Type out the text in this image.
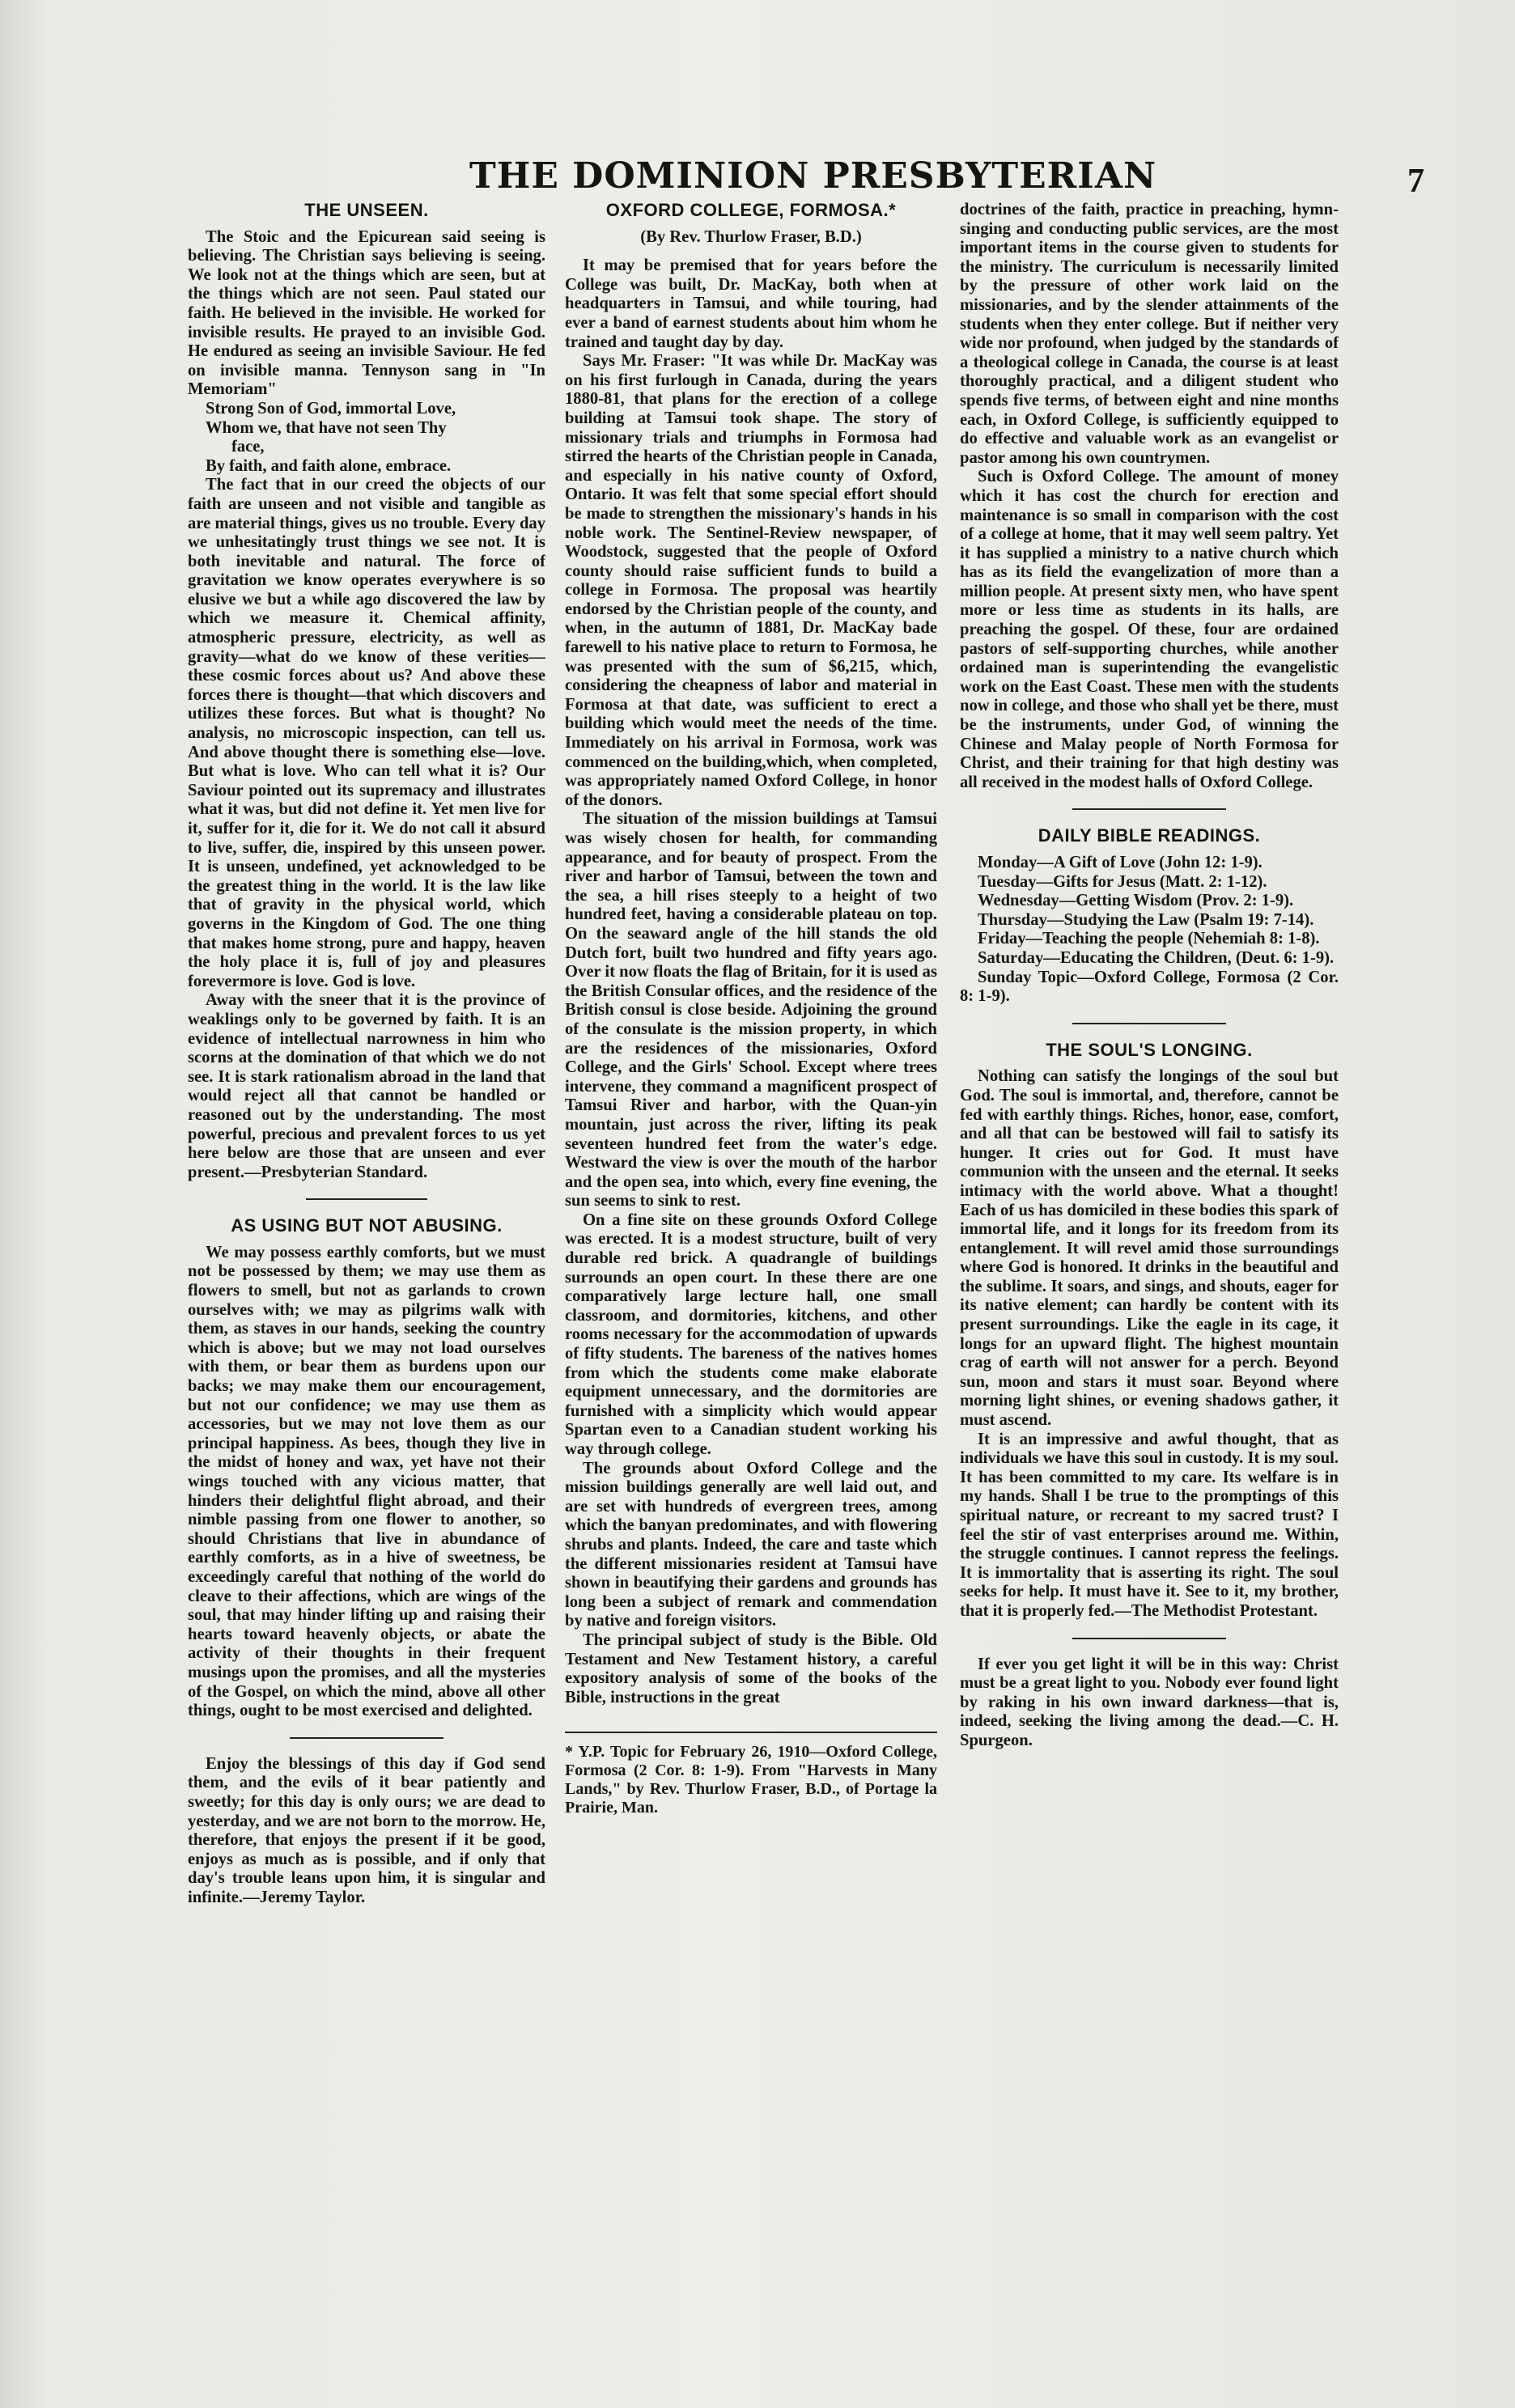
THE DOMINION PRESBYTERIAN	7
THE UNSEEN.

The Stoic and the Epicurean said seeing is believing. The Christian says believing is seeing. We look not at the things which are seen, but at the things which are not seen. Paul stated our faith. He believed in the invisible. He worked for invisible results. He prayed to an invisible God. He endured as seeing an invisible Saviour. He fed on invisible manna. Tennyson sang in "In Memoriam"

Strong Son of God, immortal Love,

Whom we, that have not seen Thy

face,

By faith, and faith alone, embrace.

The fact that in our creed the objects of our faith are unseen and not visible and tangible as are material things, gives us no trouble. Every day we unhesitatingly trust things we see not. It is both inevitable and natural. The force of gravitation we know operates everywhere is so elusive we but a while ago discovered the law by which we measure it. Chemical affinity, atmospheric pressure, electricity, as well as gravity—what do we know of these verities—these cosmic forces about us? And above these forces there is thought—that which discovers and utilizes these forces. But what is thought? No analysis, no microscopic inspection, can tell us. And above thought there is something else—love. But what is love. Who can tell what it is? Our Saviour pointed out its supremacy and illustrates what it was, but did not define it. Yet men live for it, suffer for it, die for it. We do not call it absurd to live, suffer, die, inspired by this unseen power. It is unseen, undefined, yet acknowledged to be the greatest thing in the world. It is the law like that of gravity in the physical world, which governs in the Kingdom of God. The one thing that makes home strong, pure and happy, heaven the holy place it is, full of joy and pleasures forevermore is love. God is love.

Away with the sneer that it is the province of weaklings only to be governed by faith. It is an evidence of intellectual narrowness in him who scorns at the domination of that which we do not see. It is stark rationalism abroad in the land that would reject all that cannot be handled or reasoned out by the understanding. The most powerful, precious and prevalent forces to us yet here below are those that are unseen and ever present.—Presbyterian Standard.

AS USING BUT NOT ABUSING.

We may possess earthly comforts, but we must not be possessed by them; we may use them as flowers to smell, but not as garlands to crown ourselves with; we may as pilgrims walk with them, as staves in our hands, seeking the country which is above; but we may not load ourselves with them, or bear them as burdens upon our backs; we may make them our encouragement, but not our confidence; we may use them as accessories, but we may not love them as our principal happiness. As bees, though they live in the midst of honey and wax, yet have not their wings touched with any vicious matter, that hinders their delightful flight abroad, and their nimble passing from one flower to another, so should Christians that live in abundance of earthly comforts, as in a hive of sweetness, be exceedingly careful that nothing of the world do cleave to their affections, which are wings of the soul, that may hinder lifting up and raising their hearts toward heavenly objects, or abate the activity of their thoughts in their frequent musings upon the promises, and all the mysteries of the Gospel, on which the mind, above all other things, ought to be most exercised and delighted.

Enjoy the blessings of this day if God send them, and the evils of it bear patiently and sweetly; for this day is only ours; we are dead to yesterday, and we are not born to the morrow. He, therefore, that enjoys the present if it be good, enjoys as much as is possible, and if only that day's trouble leans upon him, it is singular and infinite.—Jeremy Taylor.

OXFORD COLLEGE, FORMOSA.*
(By Rev. Thurlow Fraser, B.D.)

It may be premised that for years before the College was built, Dr. MacKay, both when at headquarters in Tamsui, and while touring, had ever a band of earnest students about him whom he trained and taught day by day.

Says Mr. Fraser: "It was while Dr. MacKay was on his first furlough in Canada, during the years 1880-81, that plans for the erection of a college building at Tamsui took shape. The story of missionary trials and triumphs in Formosa had stirred the hearts of the Christian people in Canada, and especially in his native county of Oxford, Ontario. It was felt that some special effort should be made to strengthen the missionary's hands in his noble work. The Sentinel-Review newspaper, of Woodstock, suggested that the people of Oxford county should raise sufficient funds to build a college in Formosa. The proposal was heartily endorsed by the Christian people of the county, and when, in the autumn of 1881, Dr. MacKay bade farewell to his native place to return to Formosa, he was presented with the sum of $6,215, which, considering the cheapness of labor and material in Formosa at that date, was sufficient to erect a building which would meet the needs of the time. Immediately on his arrival in Formosa, work was commenced on the building,which, when completed, was appropriately named Oxford College, in honor of the donors.

The situation of the mission buildings at Tamsui was wisely chosen for health, for commanding appearance, and for beauty of prospect. From the river and harbor of Tamsui, between the town and the sea, a hill rises steeply to a height of two hundred feet, having a considerable plateau on top. On the seaward angle of the hill stands the old Dutch fort, built two hundred and fifty years ago. Over it now floats the flag of Britain, for it is used as the British Consular offices, and the residence of the British consul is close beside. Adjoining the ground of the consulate is the mission property, in which are the residences of the missionaries, Oxford College, and the Girls' School. Except where trees intervene, they command a magnificent prospect of Tamsui River and harbor, with the Quan-yin mountain, just across the river, lifting its peak seventeen hundred feet from the water's edge. Westward the view is over the mouth of the harbor and the open sea, into which, every fine evening, the sun seems to sink to rest.

On a fine site on these grounds Oxford College was erected. It is a modest structure, built of very durable red brick. A quadrangle of buildings surrounds an open court. In these there are one comparatively large lecture hall, one small classroom, and dormitories, kitchens, and other rooms necessary for the accommodation of upwards of fifty students. The bareness of the natives homes from which the students come make elaborate equipment unnecessary, and the dormitories are furnished with a simplicity which would appear Spartan even to a Canadian student working his way through college.

The grounds about Oxford College and the mission buildings generally are well laid out, and are set with hundreds of evergreen trees, among which the banyan predominates, and with flowering shrubs and plants. Indeed, the care and taste which the different missionaries resident at Tamsui have shown in beautifying their gardens and grounds has long been a subject of remark and commendation by native and foreign visitors.

The principal subject of study is the Bible. Old Testament and New Testament history, a careful expository analysis of some of the books of the Bible, instructions in the great

* Y.P. Topic for February 26, 1910—Oxford College, Formosa (2 Cor. 8: 1-9). From "Harvests in Many Lands," by Rev. Thurlow Fraser, B.D., of Portage la Prairie, Man.

doctrines of the faith, practice in preaching, hymn-singing and conducting public services, are the most important items in the course given to students for the ministry. The curriculum is necessarily limited by the pressure of other work laid on the missionaries, and by the slender attainments of the students when they enter college. But if neither very wide nor profound, when judged by the standards of a theological college in Canada, the course is at least thoroughly practical, and a diligent student who spends five terms, of between eight and nine months each, in Oxford College, is sufficiently equipped to do effective and valuable work as an evangelist or pastor among his own countrymen.

Such is Oxford College. The amount of money which it has cost the church for erection and maintenance is so small in comparison with the cost of a college at home, that it may well seem paltry. Yet it has supplied a ministry to a native church which has as its field the evangelization of more than a million people. At present sixty men, who have spent more or less time as students in its halls, are preaching the gospel. Of these, four are ordained pastors of self-supporting churches, while another ordained man is superintending the evangelistic work on the East Coast. These men with the students now in college, and those who shall yet be there, must be the instruments, under God, of winning the Chinese and Malay people of North Formosa for Christ, and their training for that high destiny was all received in the modest halls of Oxford College.

DAILY BIBLE READINGS.

Monday—A Gift of Love (John 12: 1-9).

Tuesday—Gifts for Jesus (Matt. 2: 1-12).

Wednesday—Getting Wisdom (Prov. 2: 1-9).

Thursday—Studying the Law (Psalm 19: 7-14).

Friday—Teaching the people (Nehemiah 8: 1-8).

Saturday—Educating the Children, (Deut. 6: 1-9).

Sunday Topic—Oxford College, Formosa (2 Cor. 8: 1-9).

THE SOUL'S LONGING.

Nothing can satisfy the longings of the soul but God. The soul is immortal, and, therefore, cannot be fed with earthly things. Riches, honor, ease, comfort, and all that can be bestowed will fail to satisfy its hunger. It cries out for God. It must have communion with the unseen and the eternal. It seeks intimacy with the world above. What a thought! Each of us has domiciled in these bodies this spark of immortal life, and it longs for its freedom from its entanglement. It will revel amid those surroundings where God is honored. It drinks in the beautiful and the sublime. It soars, and sings, and shouts, eager for its native element; can hardly be content with its present surroundings. Like the eagle in its cage, it longs for an upward flight. The highest mountain crag of earth will not answer for a perch. Beyond sun, moon and stars it must soar. Beyond where morning light shines, or evening shadows gather, it must ascend.

It is an impressive and awful thought, that as individuals we have this soul in custody. It is my soul. It has been committed to my care. Its welfare is in my hands. Shall I be true to the promptings of this spiritual nature, or recreant to my sacred trust? I feel the stir of vast enterprises around me. Within, the struggle continues. I cannot repress the feelings. It is immortality that is asserting its right. The soul seeks for help. It must have it. See to it, my brother, that it is properly fed.—The Methodist Protestant.

If ever you get light it will be in this way: Christ must be a great light to you. Nobody ever found light by raking in his own inward darkness—that is, indeed, seeking the living among the dead.—C. H. Spurgeon.
